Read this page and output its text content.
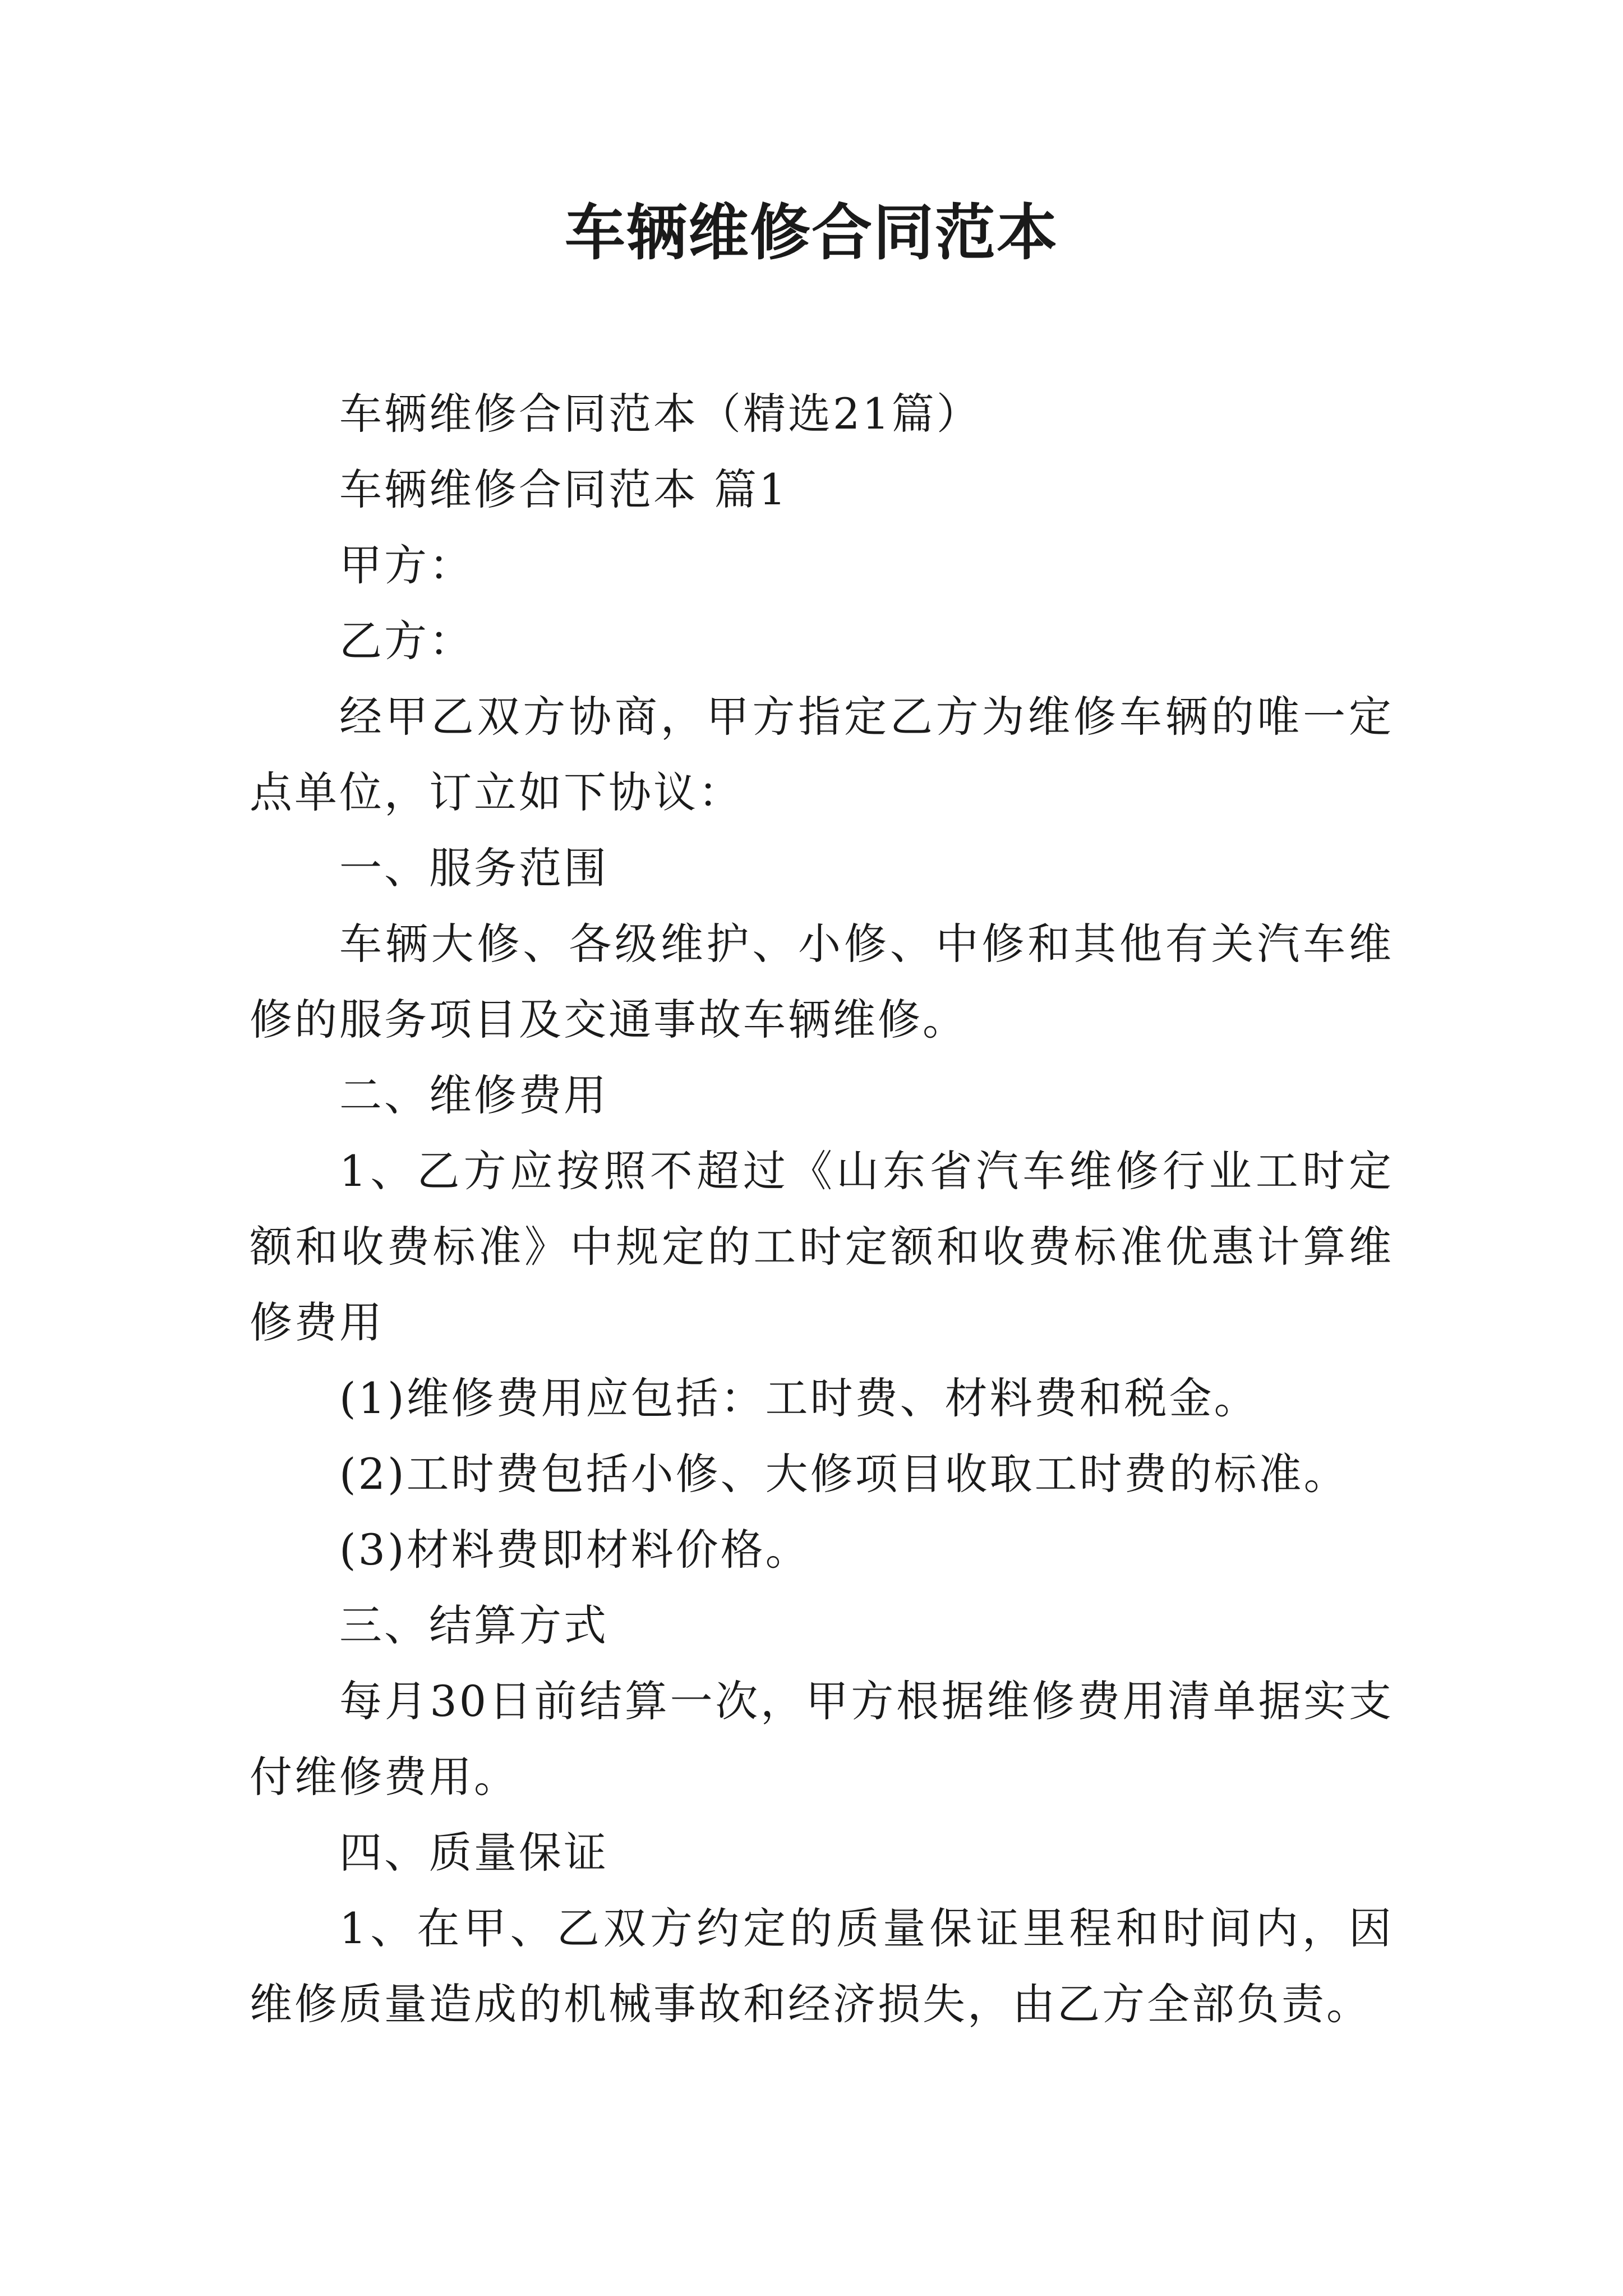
车辆维修合同范本

车辆维修合同范本（精选21篇）

车辆维修合同范本 篇1

甲方：

乙方：

经甲乙双方协商，甲方指定乙方为维修车辆的唯一定点单位，订立如下协议：

一、服务范围

车辆大修、各级维护、小修、中修和其他有关汽车维修的服务项目及交通事故车辆维修。

二、维修费用

1、乙方应按照不超过《山东省汽车维修行业工时定额和收费标准》中规定的工时定额和收费标准优惠计算维修费用

(1)维修费用应包括：工时费、材料费和税金。

(2)工时费包括小修、大修项目收取工时费的标准。

(3)材料费即材料价格。

三、结算方式

每月30日前结算一次，甲方根据维修费用清单据实支付维修费用。

四、质量保证

1、在甲、乙双方约定的质量保证里程和时间内，因维修质量造成的机械事故和经济损失，由乙方全部负责。
